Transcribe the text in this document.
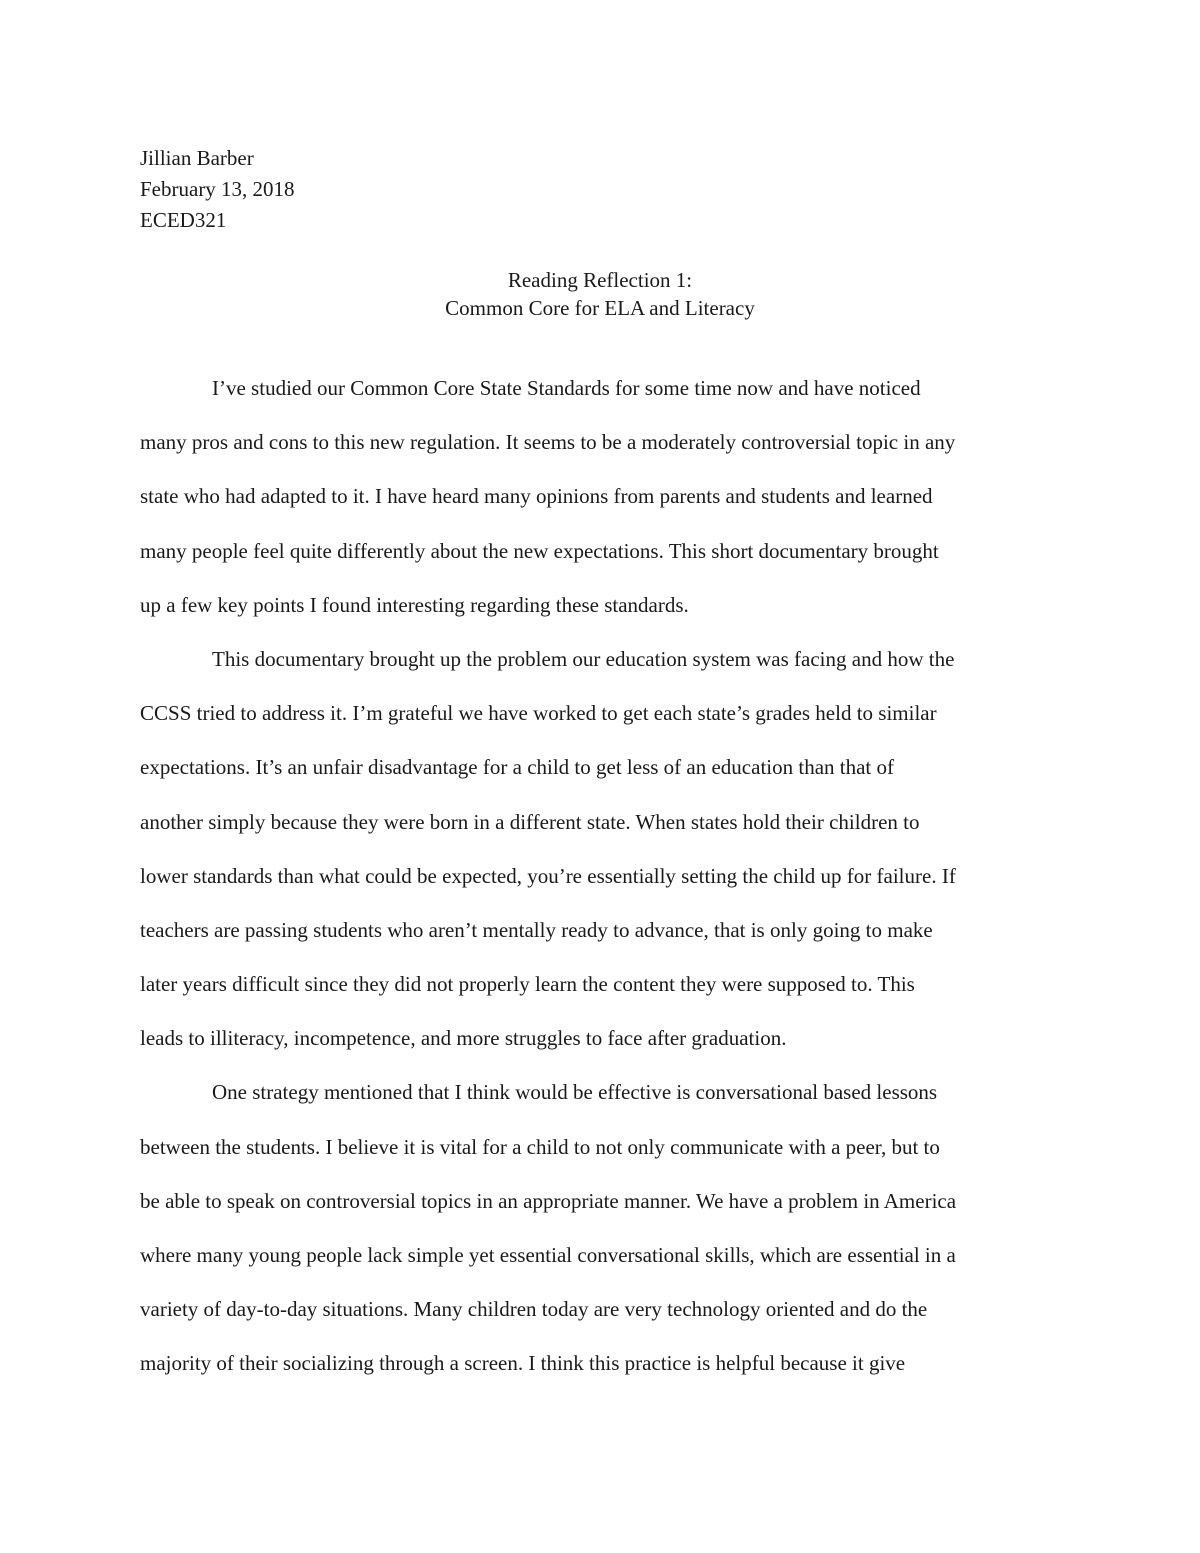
Jillian Barber
February 13, 2018
ECED321
Reading Reflection 1:
Common Core for ELA and Literacy
I’ve studied our Common Core State Standards for some time now and have noticed
many pros and cons to this new regulation. It seems to be a moderately controversial topic in any
state who had adapted to it. I have heard many opinions from parents and students and learned
many people feel quite differently about the new expectations. This short documentary brought
up a few key points I found interesting regarding these standards.
This documentary brought up the problem our education system was facing and how the
CCSS tried to address it. I’m grateful we have worked to get each state’s grades held to similar
expectations. It’s an unfair disadvantage for a child to get less of an education than that of
another simply because they were born in a different state. When states hold their children to
lower standards than what could be expected, you’re essentially setting the child up for failure. If
teachers are passing students who aren’t mentally ready to advance, that is only going to make
later years difficult since they did not properly learn the content they were supposed to. This
leads to illiteracy, incompetence, and more struggles to face after graduation.
One strategy mentioned that I think would be effective is conversational based lessons
between the students. I believe it is vital for a child to not only communicate with a peer, but to
be able to speak on controversial topics in an appropriate manner. We have a problem in America
where many young people lack simple yet essential conversational skills, which are essential in a
variety of day-to-day situations. Many children today are very technology oriented and do the
majority of their socializing through a screen. I think this practice is helpful because it give
